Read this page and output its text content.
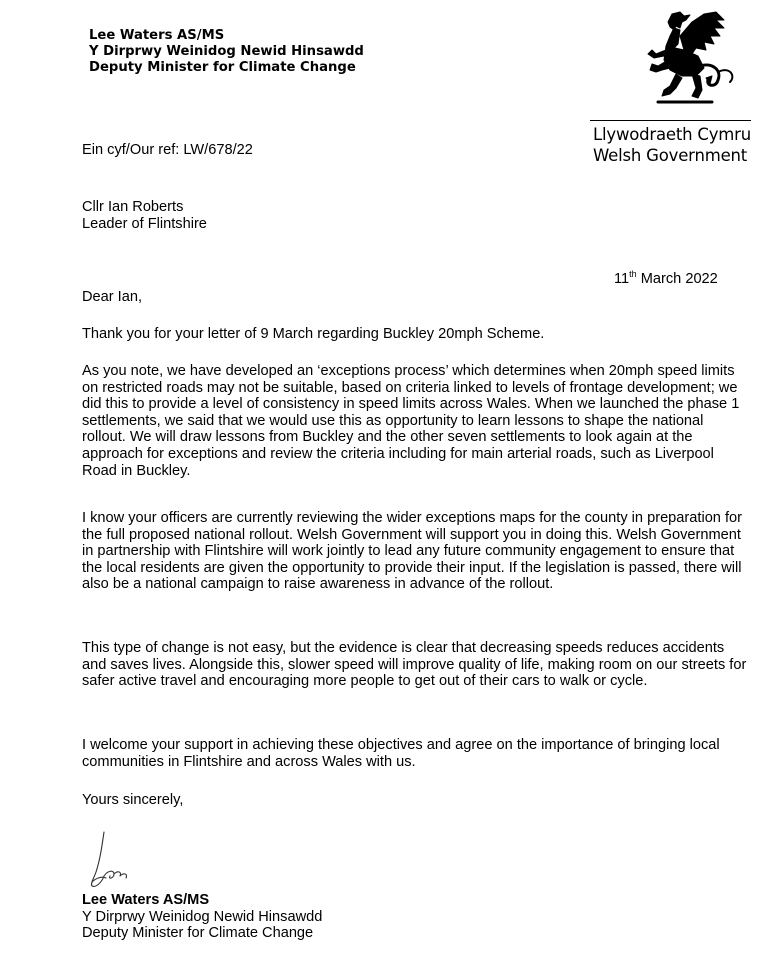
Lee Waters AS/MS
Y Dirprwy Weinidog Newid Hinsawdd
Deputy Minister for Climate Change
Llywodraeth Cymru
Welsh Government
Ein cyf/Our ref: LW/678/22
Cllr Ian Roberts
Leader of Flintshire
11th March 2022
Dear Ian,

Thank you for your letter of 9 March regarding Buckley 20mph Scheme.

As you note, we have developed an ‘exceptions process’ which determines when 20mph speed limits on restricted roads may not be suitable, based on criteria linked to levels of frontage development; we did this to provide a level of consistency in speed limits across Wales. When we launched the phase 1 settlements, we said that we would use this as opportunity to learn lessons to shape the national rollout. We will draw lessons from Buckley and the other seven settlements to look again at the approach for exceptions and review the criteria including for main arterial roads, such as Liverpool Road in Buckley.

I know your officers are currently reviewing the wider exceptions maps for the county in preparation for the full proposed national rollout. Welsh Government will support you in doing this. Welsh Government in partnership with Flintshire will work jointly to lead any future community engagement to ensure that the local residents are given the opportunity to provide their input. If the legislation is passed, there will also be a national campaign to raise awareness in advance of the rollout.

This type of change is not easy, but the evidence is clear that decreasing speeds reduces accidents and saves lives. Alongside this, slower speed will improve quality of life, making room on our streets for safer active travel and encouraging more people to get out of their cars to walk or cycle.

I welcome your support in achieving these objectives and agree on the importance of bringing local communities in Flintshire and across Wales with us.

Yours sincerely,
Lee Waters AS/MS
Y Dirprwy Weinidog Newid Hinsawdd
Deputy Minister for Climate Change
